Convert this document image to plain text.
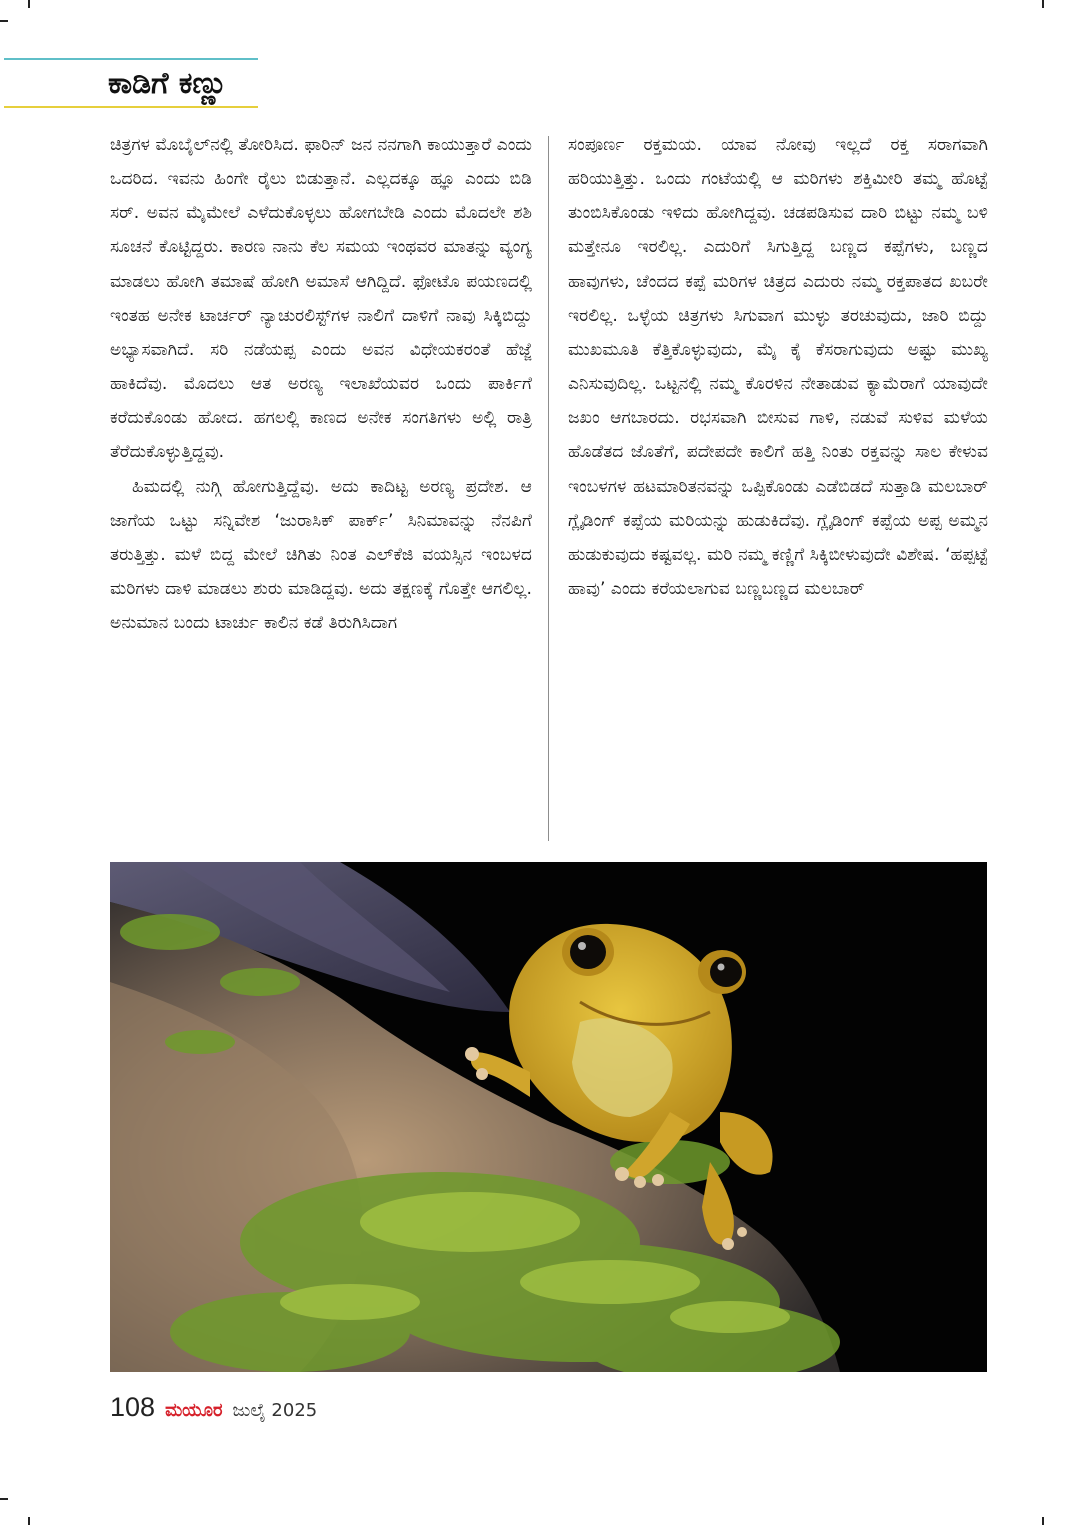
ಕಾಡಿಗೆ ಕಣ್ಣು

ಚಿತ್ರಗಳ ಮೊಬೈಲ್‌ನಲ್ಲಿ ತೋರಿಸಿದ. ಫಾರಿನ್ ಜನ ನನಗಾಗಿ ಕಾಯುತ್ತಾರೆ ಎಂದು ಒದರಿದ. ಇವನು ಹಿಂಗೇ ರೈಲು ಬಿಡುತ್ತಾನೆ. ಎಲ್ಲದಕ್ಕೂ ಹ್ಞೂ ಎಂದು ಬಿಡಿ ಸರ್. ಅವನ ಮೈಮೇಲೆ ಎಳೆದುಕೊಳ್ಳಲು ಹೋಗಬೇಡಿ ಎಂದು ಮೊದಲೇ ಶಶಿ ಸೂಚನೆ ಕೊಟ್ಟಿದ್ದರು. ಕಾರಣ ನಾನು ಕೆಲ ಸಮಯ ಇಂಥವರ ಮಾತನ್ನು ವ್ಯಂಗ್ಯ ಮಾಡಲು ಹೋಗಿ ತಮಾಷೆ ಹೋಗಿ ಅಮಾಸೆ ಆಗಿದ್ದಿದೆ. ಫೋಟೊ ಪಯಣದಲ್ಲಿ ಇಂತಹ ಅನೇಕ ಟಾರ್ಚರ್ ನ್ಯಾಚುರಲಿಸ್ಟ್‌ಗಳ ನಾಲಿಗೆ ದಾಳಿಗೆ ನಾವು ಸಿಕ್ಕಿಬಿದ್ದು ಅಭ್ಯಾಸವಾಗಿದೆ. ಸರಿ ನಡೆಯಪ್ಪ ಎಂದು ಅವನ ವಿಧೇಯಕರಂತೆ ಹೆಜ್ಜೆ ಹಾಕಿದೆವು. ಮೊದಲು ಆತ ಅರಣ್ಯ ಇಲಾಖೆಯವರ ಒಂದು ಪಾರ್ಕಿಗೆ ಕರೆದುಕೊಂಡು ಹೋದ. ಹಗಲಲ್ಲಿ ಕಾಣದ ಅನೇಕ ಸಂಗತಿಗಳು ಅಲ್ಲಿ ರಾತ್ರಿ ತೆರೆದುಕೊಳ್ಳುತ್ತಿದ್ದವು.

ಹಿಮದಲ್ಲಿ ನುಗ್ಗಿ ಹೋಗುತ್ತಿದ್ದೆವು. ಅದು ಕಾದಿಟ್ಟ ಅರಣ್ಯ ಪ್ರದೇಶ. ಆ ಜಾಗೆಯ ಒಟ್ಟು ಸನ್ನಿವೇಶ ‘ಜುರಾಸಿಕ್ ಪಾರ್ಕ್’ ಸಿನಿಮಾವನ್ನು ನೆನಪಿಗೆ ತರುತ್ತಿತ್ತು. ಮಳೆ ಬಿದ್ದ ಮೇಲೆ ಚಿಗಿತು ನಿಂತ ಎಲ್‌ಕೆಜಿ ವಯಸ್ಸಿನ ಇಂಬಳದ ಮರಿಗಳು ದಾಳಿ ಮಾಡಲು ಶುರು ಮಾಡಿದ್ದವು. ಅದು ತಕ್ಷಣಕ್ಕೆ ಗೊತ್ತೇ ಆಗಲಿಲ್ಲ. ಅನುಮಾನ ಬಂದು ಟಾರ್ಚು ಕಾಲಿನ ಕಡೆ ತಿರುಗಿಸಿದಾಗ

ಸಂಪೂರ್ಣ ರಕ್ತಮಯ. ಯಾವ ನೋವು ಇಲ್ಲದೆ ರಕ್ತ ಸರಾಗವಾಗಿ ಹರಿಯುತ್ತಿತ್ತು. ಒಂದು ಗಂಟೆಯಲ್ಲಿ ಆ ಮರಿಗಳು ಶಕ್ತಿಮೀರಿ ತಮ್ಮ ಹೊಟ್ಟೆ ತುಂಬಿಸಿಕೊಂಡು ಇಳಿದು ಹೋಗಿದ್ದವು. ಚಡಪಡಿಸುವ ದಾರಿ ಬಿಟ್ಟು ನಮ್ಮ ಬಳಿ ಮತ್ತೇನೂ ಇರಲಿಲ್ಲ. ಎದುರಿಗೆ ಸಿಗುತ್ತಿದ್ದ ಬಣ್ಣದ ಕಪ್ಪೆಗಳು, ಬಣ್ಣದ ಹಾವುಗಳು, ಚೆಂದದ ಕಪ್ಪೆ ಮರಿಗಳ ಚಿತ್ರದ ಎದುರು ನಮ್ಮ ರಕ್ತಪಾತದ ಖಬರೇ ಇರಲಿಲ್ಲ. ಒಳ್ಳೆಯ ಚಿತ್ರಗಳು ಸಿಗುವಾಗ ಮುಳ್ಳು ತರಚುವುದು, ಜಾರಿ ಬಿದ್ದು ಮುಖಮೂತಿ ಕೆತ್ತಿಕೊಳ್ಳುವುದು, ಮೈ ಕೈ ಕೆಸರಾಗುವುದು ಅಷ್ಟು ಮುಖ್ಯ ಎನಿಸುವುದಿಲ್ಲ. ಒಟ್ಟನಲ್ಲಿ ನಮ್ಮ ಕೊರಳಿನ ನೇತಾಡುವ ಕ್ಯಾಮೆರಾಗೆ ಯಾವುದೇ ಜಖಂ ಆಗಬಾರದು. ರಭಸವಾಗಿ ಬೀಸುವ ಗಾಳಿ, ನಡುವೆ ಸುಳಿವ ಮಳೆಯ ಹೊಡೆತದ ಜೊತೆಗೆ, ಪದೇಪದೇ ಕಾಲಿಗೆ ಹತ್ತಿ ನಿಂತು ರಕ್ತವನ್ನು ಸಾಲ ಕೇಳುವ ಇಂಬಳಗಳ ಹಟಮಾರಿತನವನ್ನು ಒಪ್ಪಿಕೊಂಡು ಎಡೆಬಿಡದೆ ಸುತ್ತಾಡಿ ಮಲಬಾರ್ ಗ್ಲೈಡಿಂಗ್ ಕಪ್ಪೆಯ ಮರಿಯನ್ನು ಹುಡುಕಿದೆವು. ಗ್ಲೈಡಿಂಗ್ ಕಪ್ಪೆಯ ಅಪ್ಪ ಅಮ್ಮನ ಹುಡುಕುವುದು ಕಷ್ಟವಲ್ಲ. ಮರಿ ನಮ್ಮ ಕಣ್ಣಿಗೆ ಸಿಕ್ಕಿಬೀಳುವುದೇ ವಿಶೇಷ. ‘ಹಪ್ಪಟ್ಟೆ ಹಾವು’ ಎಂದು ಕರೆಯಲಾಗುವ ಬಣ್ಣಬಣ್ಣದ ಮಲಬಾರ್

108 ಮಯೂರ ಜುಲೈ 2025
